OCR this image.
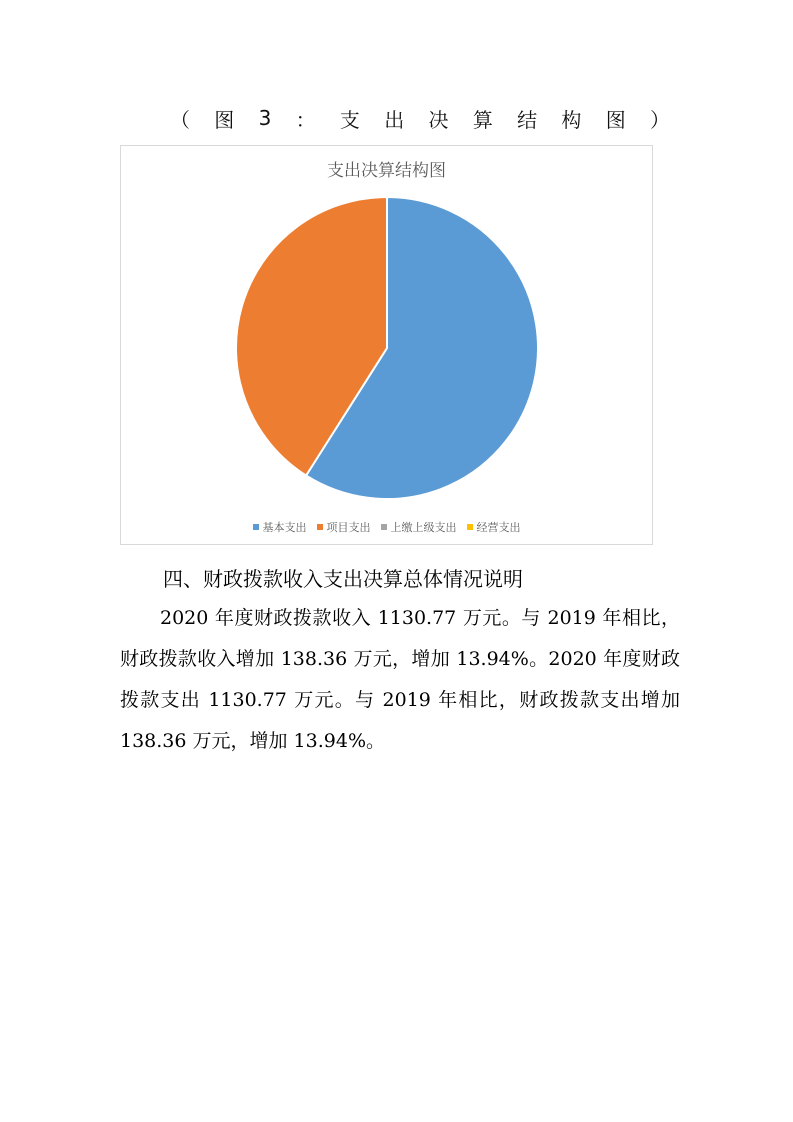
（ 图 3 ： 支 出 决 算 结 构 图 ）
支出决算结构图
基本支出 项目支出 上缴上级支出 经营支出
四、财政拨款收入支出决算总体情况说明

2020 年度财政拨款收入 1130.77 万元。与 2019 年相比，财政拨款收入增加 138.36 万元，增加 13.94%。2020 年度财政拨款支出 1130.77 万元。与 2019 年相比，财政拨款支出增加 138.36 万元，增加 13.94%。
